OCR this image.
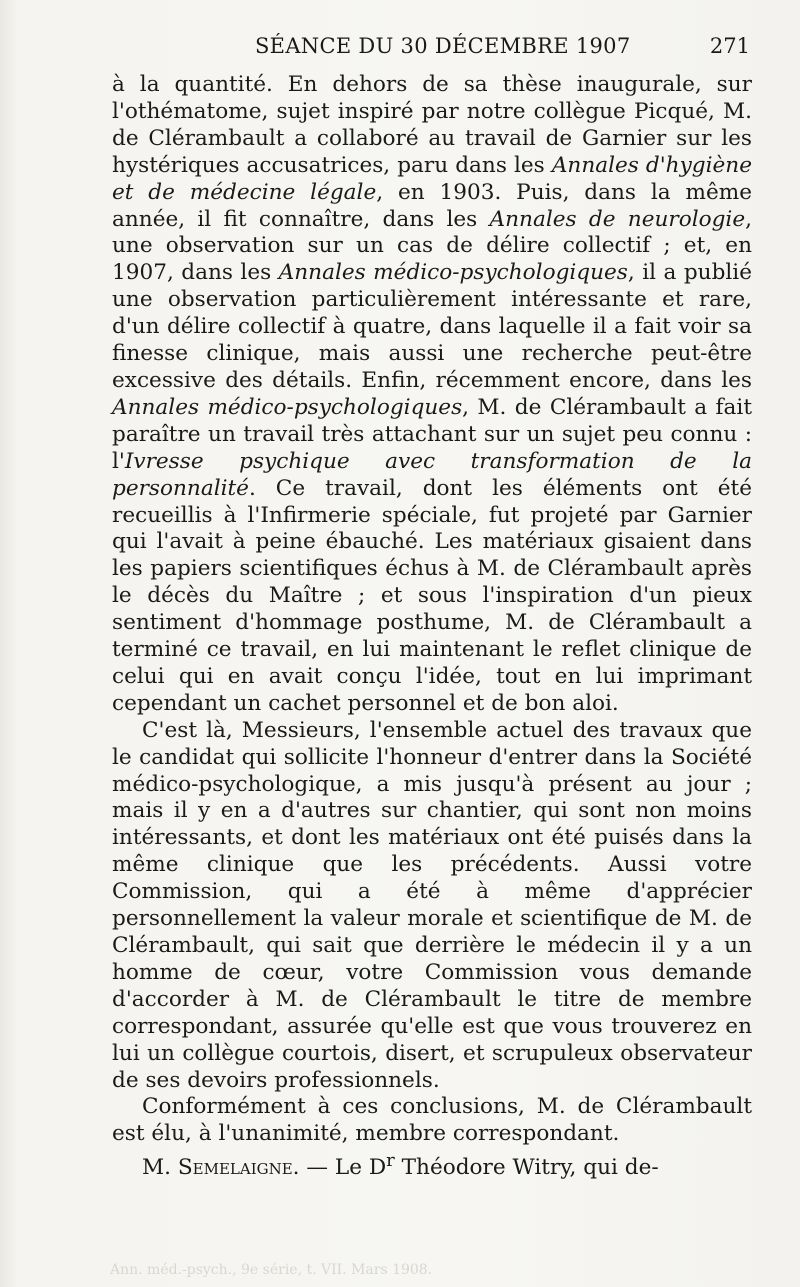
SÉANCE DU 30 DÉCEMBRE 1907	271

à la quantité. En dehors de sa thèse inaugurale, sur l'othématome, sujet inspiré par notre collègue Picqué, M. de Clérambault a collaboré au travail de Garnier sur les hystériques accusatrices, paru dans les Annales d'hygiène et de médecine légale, en 1903. Puis, dans la même année, il fit connaître, dans les Annales de neurologie, une observation sur un cas de délire collectif ; et, en 1907, dans les Annales médico-psychologiques, il a publié une observation particulièrement intéressante et rare, d'un délire collectif à quatre, dans laquelle il a fait voir sa finesse clinique, mais aussi une recherche peut-être excessive des détails. Enfin, récemment encore, dans les Annales médico-psychologiques, M. de Clérambault a fait paraître un travail très attachant sur un sujet peu connu : l'Ivresse psychique avec transformation de la personnalité. Ce travail, dont les éléments ont été recueillis à l'Infirmerie spéciale, fut projeté par Garnier qui l'avait à peine ébauché. Les matériaux gisaient dans les papiers scientifiques échus à M. de Clérambault après le décès du Maître ; et sous l'inspiration d'un pieux sentiment d'hommage posthume, M. de Clérambault a terminé ce travail, en lui maintenant le reflet clinique de celui qui en avait conçu l'idée, tout en lui imprimant cependant un cachet personnel et de bon aloi.

C'est là, Messieurs, l'ensemble actuel des travaux que le candidat qui sollicite l'honneur d'entrer dans la Société médico-psychologique, a mis jusqu'à présent au jour ; mais il y en a d'autres sur chantier, qui sont non moins intéressants, et dont les matériaux ont été puisés dans la même clinique que les précédents. Aussi votre Commission, qui a été à même d'apprécier personnellement la valeur morale et scientifique de M. de Clérambault, qui sait que derrière le médecin il y a un homme de cœur, votre Commission vous demande d'accorder à M. de Clérambault le titre de membre correspondant, assurée qu'elle est que vous trouverez en lui un collègue courtois, disert, et scrupuleux observateur de ses devoirs professionnels.

Conformément à ces conclusions, M. de Clérambault est élu, à l'unanimité, membre correspondant.

M. Semelaigne. — Le $D^r$ Théodore Witry, qui de-

Ann. méd.-psych., 9e série, t. VII. Mars 1908.
